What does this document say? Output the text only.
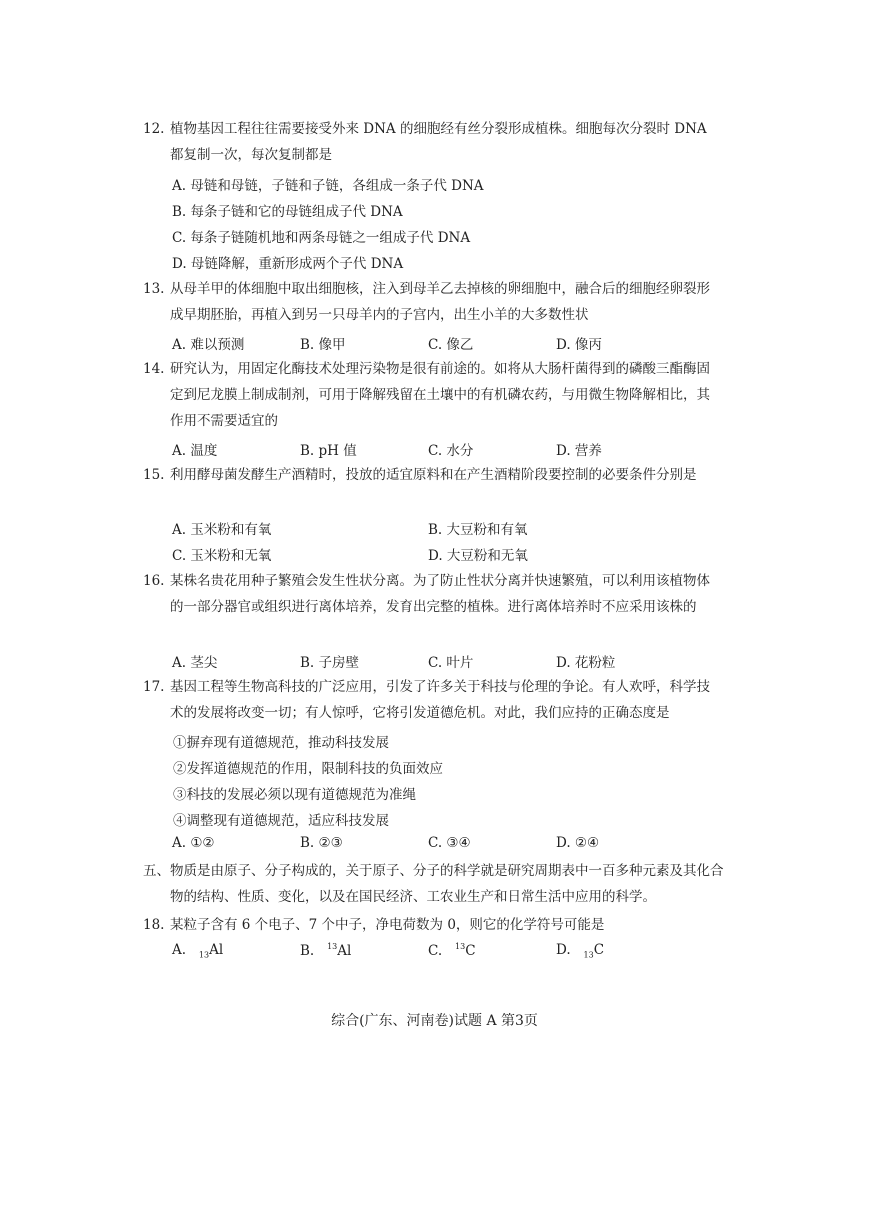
12. 植物基因工程往往需要接受外来 DNA 的细胞经有丝分裂形成植株。细胞每次分裂时 DNA 都复制一次，每次复制都是
A. 母链和母链，子链和子链，各组成一条子代 DNA
B. 每条子链和它的母链组成子代 DNA
C. 每条子链随机地和两条母链之一组成子代 DNA
D. 母链降解，重新形成两个子代 DNA
13. 从母羊甲的体细胞中取出细胞核，注入到母羊乙去掉核的卵细胞中，融合后的细胞经卵裂形成早期胚胎，再植入到另一只母羊内的子宫内，出生小羊的大多数性状
A. 难以预测	B. 像甲	C. 像乙	D. 像丙
14. 研究认为，用固定化酶技术处理污染物是很有前途的。如将从大肠杆菌得到的磷酸三酯酶固定到尼龙膜上制成制剂，可用于降解残留在土壤中的有机磷农药，与用微生物降解相比，其作用不需要适宜的
A. 温度	B. pH 值	C. 水分	D. 营养
15. 利用酵母菌发酵生产酒精时，投放的适宜原料和在产生酒精阶段要控制的必要条件分别是
A. 玉米粉和有氧	B. 大豆粉和有氧
C. 玉米粉和无氧	D. 大豆粉和无氧
16. 某株名贵花用种子繁殖会发生性状分离。为了防止性状分离并快速繁殖，可以利用该植物体的一部分器官或组织进行离体培养，发育出完整的植株。进行离体培养时不应采用该株的
A. 茎尖	B. 子房壁	C. 叶片	D. 花粉粒
17. 基因工程等生物高科技的广泛应用，引发了许多关于科技与伦理的争论。有人欢呼，科学技术的发展将改变一切；有人惊呼，它将引发道德危机。对此，我们应持的正确态度是
①摒弃现有道德规范，推动科技发展
②发挥道德规范的作用，限制科技的负面效应
③科技的发展必须以现有道德规范为准绳
④调整现有道德规范，适应科技发展
A. ①②	B. ②③	C. ③④	D. ②④
五、物质是由原子、分子构成的，关于原子、分子的科学就是研究周期表中一百多种元素及其化合物的结构、性质、变化，以及在国民经济、工农业生产和日常生活中应用的科学。
18. 某粒子含有 6 个电子、7 个中子，净电荷数为 0，则它的化学符号可能是
A. $_{13}$Al	B. $^{13}$Al	C. $^{13}$C	D. $_{13}$C
综合(广东、河南卷)试题 A 第3页
